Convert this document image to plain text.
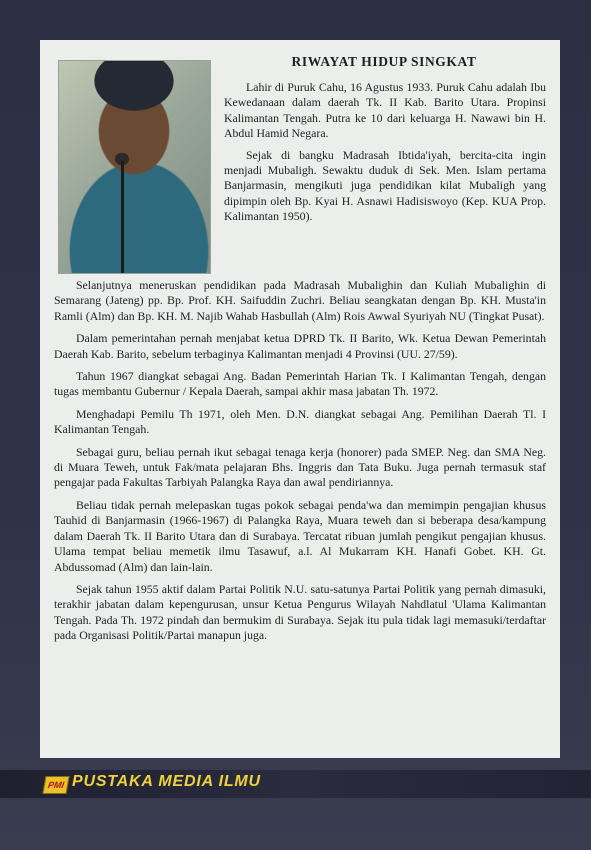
RIWAYAT HIDUP SINGKAT

Lahir di Puruk Cahu, 16 Agustus 1933. Puruk Cahu adalah Ibu Kewedanaan dalam daerah Tk. II Kab. Barito Utara. Propinsi Kalimantan Tengah. Putra ke 10 dari keluarga H. Nawawi bin H. Abdul Hamid Negara.

Sejak di bangku Madrasah Ibtida'iyah, bercita-cita ingin menjadi Mubaligh. Sewaktu duduk di Sek. Men. Islam pertama Banjarmasin, mengikuti juga pendidikan kilat Mubaligh yang dipimpin oleh Bp. Kyai H. Asnawi Hadisiswoyo (Kep. KUA Prop. Kalimantan 1950).

Selanjutnya meneruskan pendidikan pada Madrasah Mubalighin dan Kuliah Mubalighin di Semarang (Jateng) pp. Bp. Prof. KH. Saifuddin Zuchri. Beliau seangkatan dengan Bp. KH. Musta'in Ramli (Alm) dan Bp. KH. M. Najib Wahab Hasbullah (Alm) Rois Awwal Syuriyah NU (Tingkat Pusat).

Dalam pemerintahan pernah menjabat ketua DPRD Tk. II Barito, Wk. Ketua Dewan Pemerintah Daerah Kab. Barito, sebelum terbaginya Kalimantan menjadi 4 Provinsi (UU. 27/59).

Tahun 1967 diangkat sebagai Ang. Badan Pemerintah Harian Tk. I Kalimantan Tengah, dengan tugas membantu Gubernur / Kepala Daerah, sampai akhir masa jabatan Th. 1972.

Menghadapi Pemilu Th 1971, oleh Men. D.N. diangkat sebagai Ang. Pemilihan Daerah Tl. I Kalimantan Tengah.

Sebagai guru, beliau pernah ikut sebagai tenaga kerja (honorer) pada SMEP. Neg. dan SMA Neg. di Muara Teweh, untuk Fak/mata pelajaran Bhs. Inggris dan Tata Buku. Juga pernah termasuk staf pengajar pada Fakultas Tarbiyah Palangka Raya dan awal pendiriannya.

Beliau tidak pernah melepaskan tugas pokok sebagai penda'wa dan memimpin pengajian khusus Tauhid di Banjarmasin (1966-1967) di Palangka Raya, Muara teweh dan si beberapa desa/kampung dalam Daerah Tk. II Barito Utara dan di Surabaya. Tercatat ribuan jumlah pengikut pengajian khusus. Ulama tempat beliau memetik ilmu Tasawuf, a.l. Al Mukarram KH. Hanafi Gobet. KH. Gt. Abdussomad (Alm) dan lain-lain.

Sejak tahun 1955 aktif dalam Partai Politik N.U. satu-satunya Partai Politik yang pernah dimasuki, terakhir jabatan dalam kepengurusan, unsur Ketua Pengurus Wilayah Nahdlatul 'Ulama Kalimantan Tengah. Pada Th. 1972 pindah dan bermukim di Surabaya. Sejak itu pula tidak lagi memasuki/terdaftar pada Organisasi Politik/Partai manapun juga.

PMI PUSTAKA MEDIA ILMU
